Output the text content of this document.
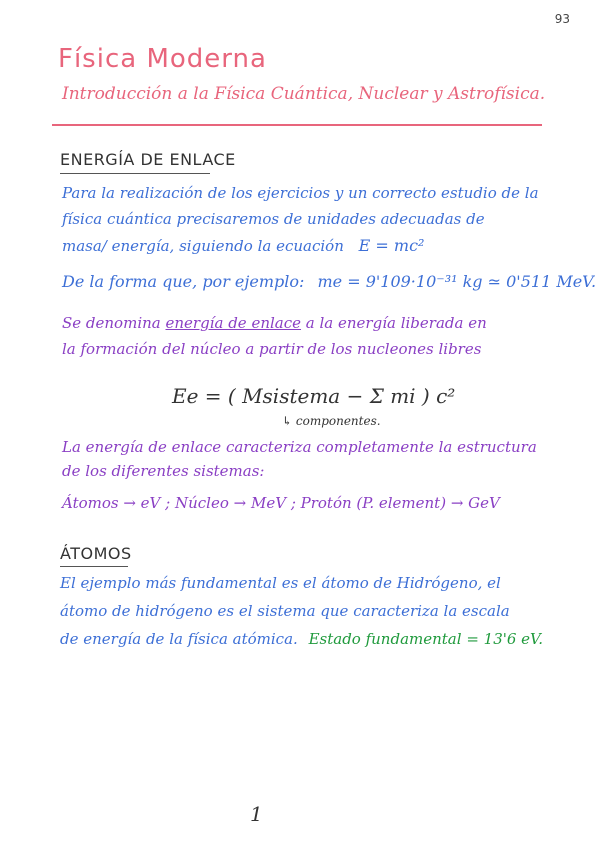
93
Física Moderna
Introducción a la Física Cuántica, Nuclear y Astrofísica.
ENERGÍA DE ENLACE
Para la realización de los ejercicios y un correcto estudio de la
física cuántica precisaremos de unidades adecuadas de
masa/ energía, siguiendo la ecuación E = mc²
De la forma que, por ejemplo: me = 9'109·10⁻³¹ kg ≃ 0'511 MeV.
Se denomina energía de enlace a la energía liberada en
la formación del núcleo a partir de los nucleones libres
Ee = ( Msistema − Σ mi ) c²
↳ componentes.
La energía de enlace caracteriza completamente la estructura
de los diferentes sistemas:
Átomos → eV ; Núcleo → MeV ; Protón (P. element) → GeV
ÁTOMOS
El ejemplo más fundamental es el átomo de Hidrógeno, el
átomo de hidrógeno es el sistema que caracteriza la escala
de energía de la física atómica. Estado fundamental = 13'6 eV.
1
